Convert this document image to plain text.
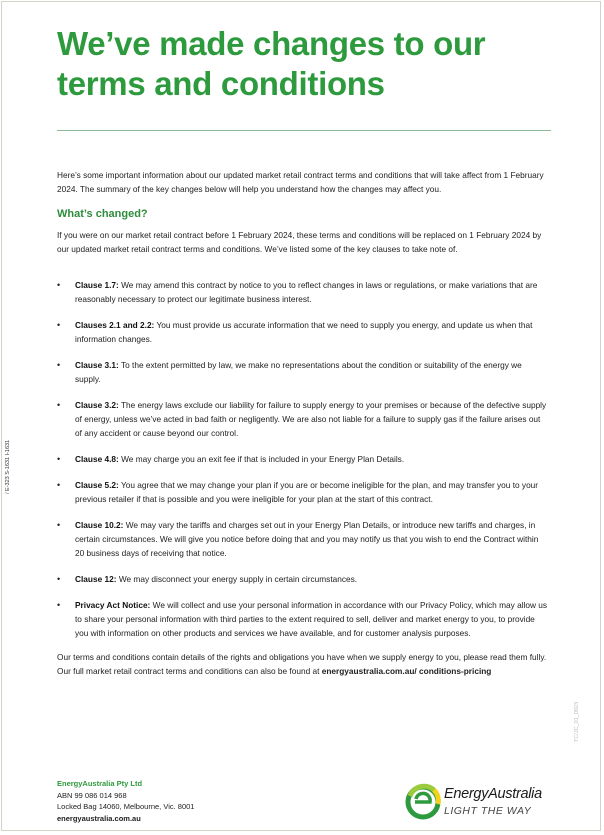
We’ve made changes to our terms and conditions

Here’s some important information about our updated market retail contract terms and conditions that will take affect from 1 February 2024. The summary of the key changes below will help you understand how the changes may affect you.

What’s changed?

If you were on our market retail contract before 1 February 2024, these terms and conditions will be replaced on 1 February 2024 by our updated market retail contract terms and conditions. We’ve listed some of the key clauses to take note of.

• Clause 1.7: We may amend this contract by notice to you to reflect changes in laws or regulations, or make variations that are reasonably necessary to protect our legitimate business interest.
• Clauses 2.1 and 2.2: You must provide us accurate information that we need to supply you energy, and update us when that information changes.
• Clause 3.1: To the extent permitted by law, we make no representations about the condition or suitability of the energy we supply.
• Clause 3.2: The energy laws exclude our liability for failure to supply energy to your premises or because of the defective supply of energy, unless we’ve acted in bad faith or negligently. We are also not liable for a failure to supply gas if the failure arises out of any accident or cause beyond our control.
• Clause 4.8: We may charge you an exit fee if that is included in your Energy Plan Details.
• Clause 5.2: You agree that we may change your plan if you are or become ineligible for the plan, and may transfer you to your previous retailer if that is possible and you were ineligible for your plan at the start of this contract.
• Clause 10.2: We may vary the tariffs and charges set out in your Energy Plan Details, or introduce new tariffs and charges, in certain circumstances. We will give you notice before doing that and you may notify us that you wish to end the Contract within 20 business days of receiving that notice.
• Clause 12: We may disconnect your energy supply in certain circumstances.
• Privacy Act Notice: We will collect and use your personal information in accordance with our Privacy Policy, which may allow us to share your personal information with third parties to the extent required to sell, deliver and market energy to you, to provide you with information on other products and services we have available, and for customer analysis purposes.

Our terms and conditions contain details of the rights and obligations you have when we supply energy to you, please read them fully. Our full market retail contract terms and conditions can also be found at energyaustralia.com.au/ conditions-pricing

/ E-323 S-1631 I-1631
TC/JC_01_0923
EnergyAustralia Pty Ltd
ABN 99 086 014 968
Locked Bag 14060, Melbourne, Vic. 8001
energyaustralia.com.au
EnergyAustralia
LIGHT THE WAY
